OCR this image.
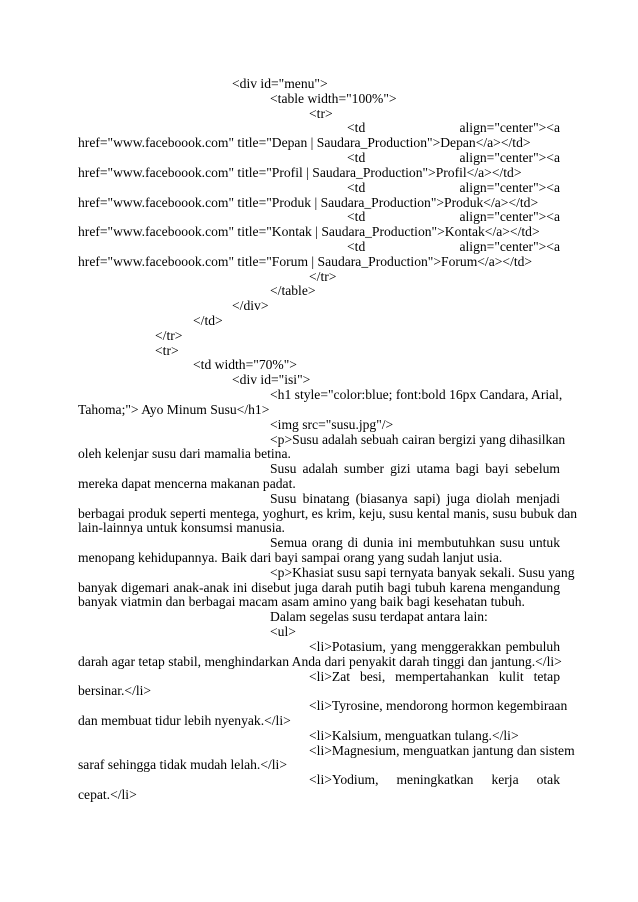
<div id="menu">
<table width="100%">
<tr>
<td align="center"><a
href="www.faceboook.com" title="Depan | Saudara_Production">Depan</a></td>
<td align="center"><a
href="www.faceboook.com" title="Profil | Saudara_Production">Profil</a></td>
<td align="center"><a
href="www.faceboook.com" title="Produk | Saudara_Production">Produk</a></td>
<td align="center"><a
href="www.faceboook.com" title="Kontak | Saudara_Production">Kontak</a></td>
<td align="center"><a
href="www.faceboook.com" title="Forum | Saudara_Production">Forum</a></td>
</tr>
</table>
</div>
</td>
</tr>
<tr>
<td width="70%">
<div id="isi">
<h1 style="color:blue; font:bold 16px Candara, Arial,
Tahoma;"> Ayo Minum Susu</h1>
<img src="susu.jpg"/>
<p>Susu adalah sebuah cairan bergizi yang dihasilkan
oleh kelenjar susu dari mamalia betina.
Susu adalah sumber gizi utama bagi bayi sebelum
mereka dapat mencerna makanan padat.
Susu binatang (biasanya sapi) juga diolah menjadi
berbagai produk seperti mentega, yoghurt, es krim, keju, susu kental manis, susu bubuk dan
lain-lainnya untuk konsumsi manusia.
Semua orang di dunia ini membutuhkan susu untuk
menopang kehidupannya. Baik dari bayi sampai orang yang sudah lanjut usia.
<p>Khasiat susu sapi ternyata banyak sekali. Susu yang
banyak digemari anak-anak ini disebut juga darah putih bagi tubuh karena mengandung
banyak viatmin dan berbagai macam asam amino yang baik bagi kesehatan tubuh.
Dalam segelas susu terdapat antara lain:
<ul>
<li>Potasium, yang menggerakkan pembuluh
darah agar tetap stabil, menghindarkan Anda dari penyakit darah tinggi dan jantung.</li>
<li>Zat besi, mempertahankan kulit tetap
bersinar.</li>
<li>Tyrosine, mendorong hormon kegembiraan
dan membuat tidur lebih nyenyak.</li>
<li>Kalsium, menguatkan tulang.</li>
<li>Magnesium, menguatkan jantung dan sistem
saraf sehingga tidak mudah lelah.</li>
<li>Yodium, meningkatkan kerja otak
cepat.</li>
